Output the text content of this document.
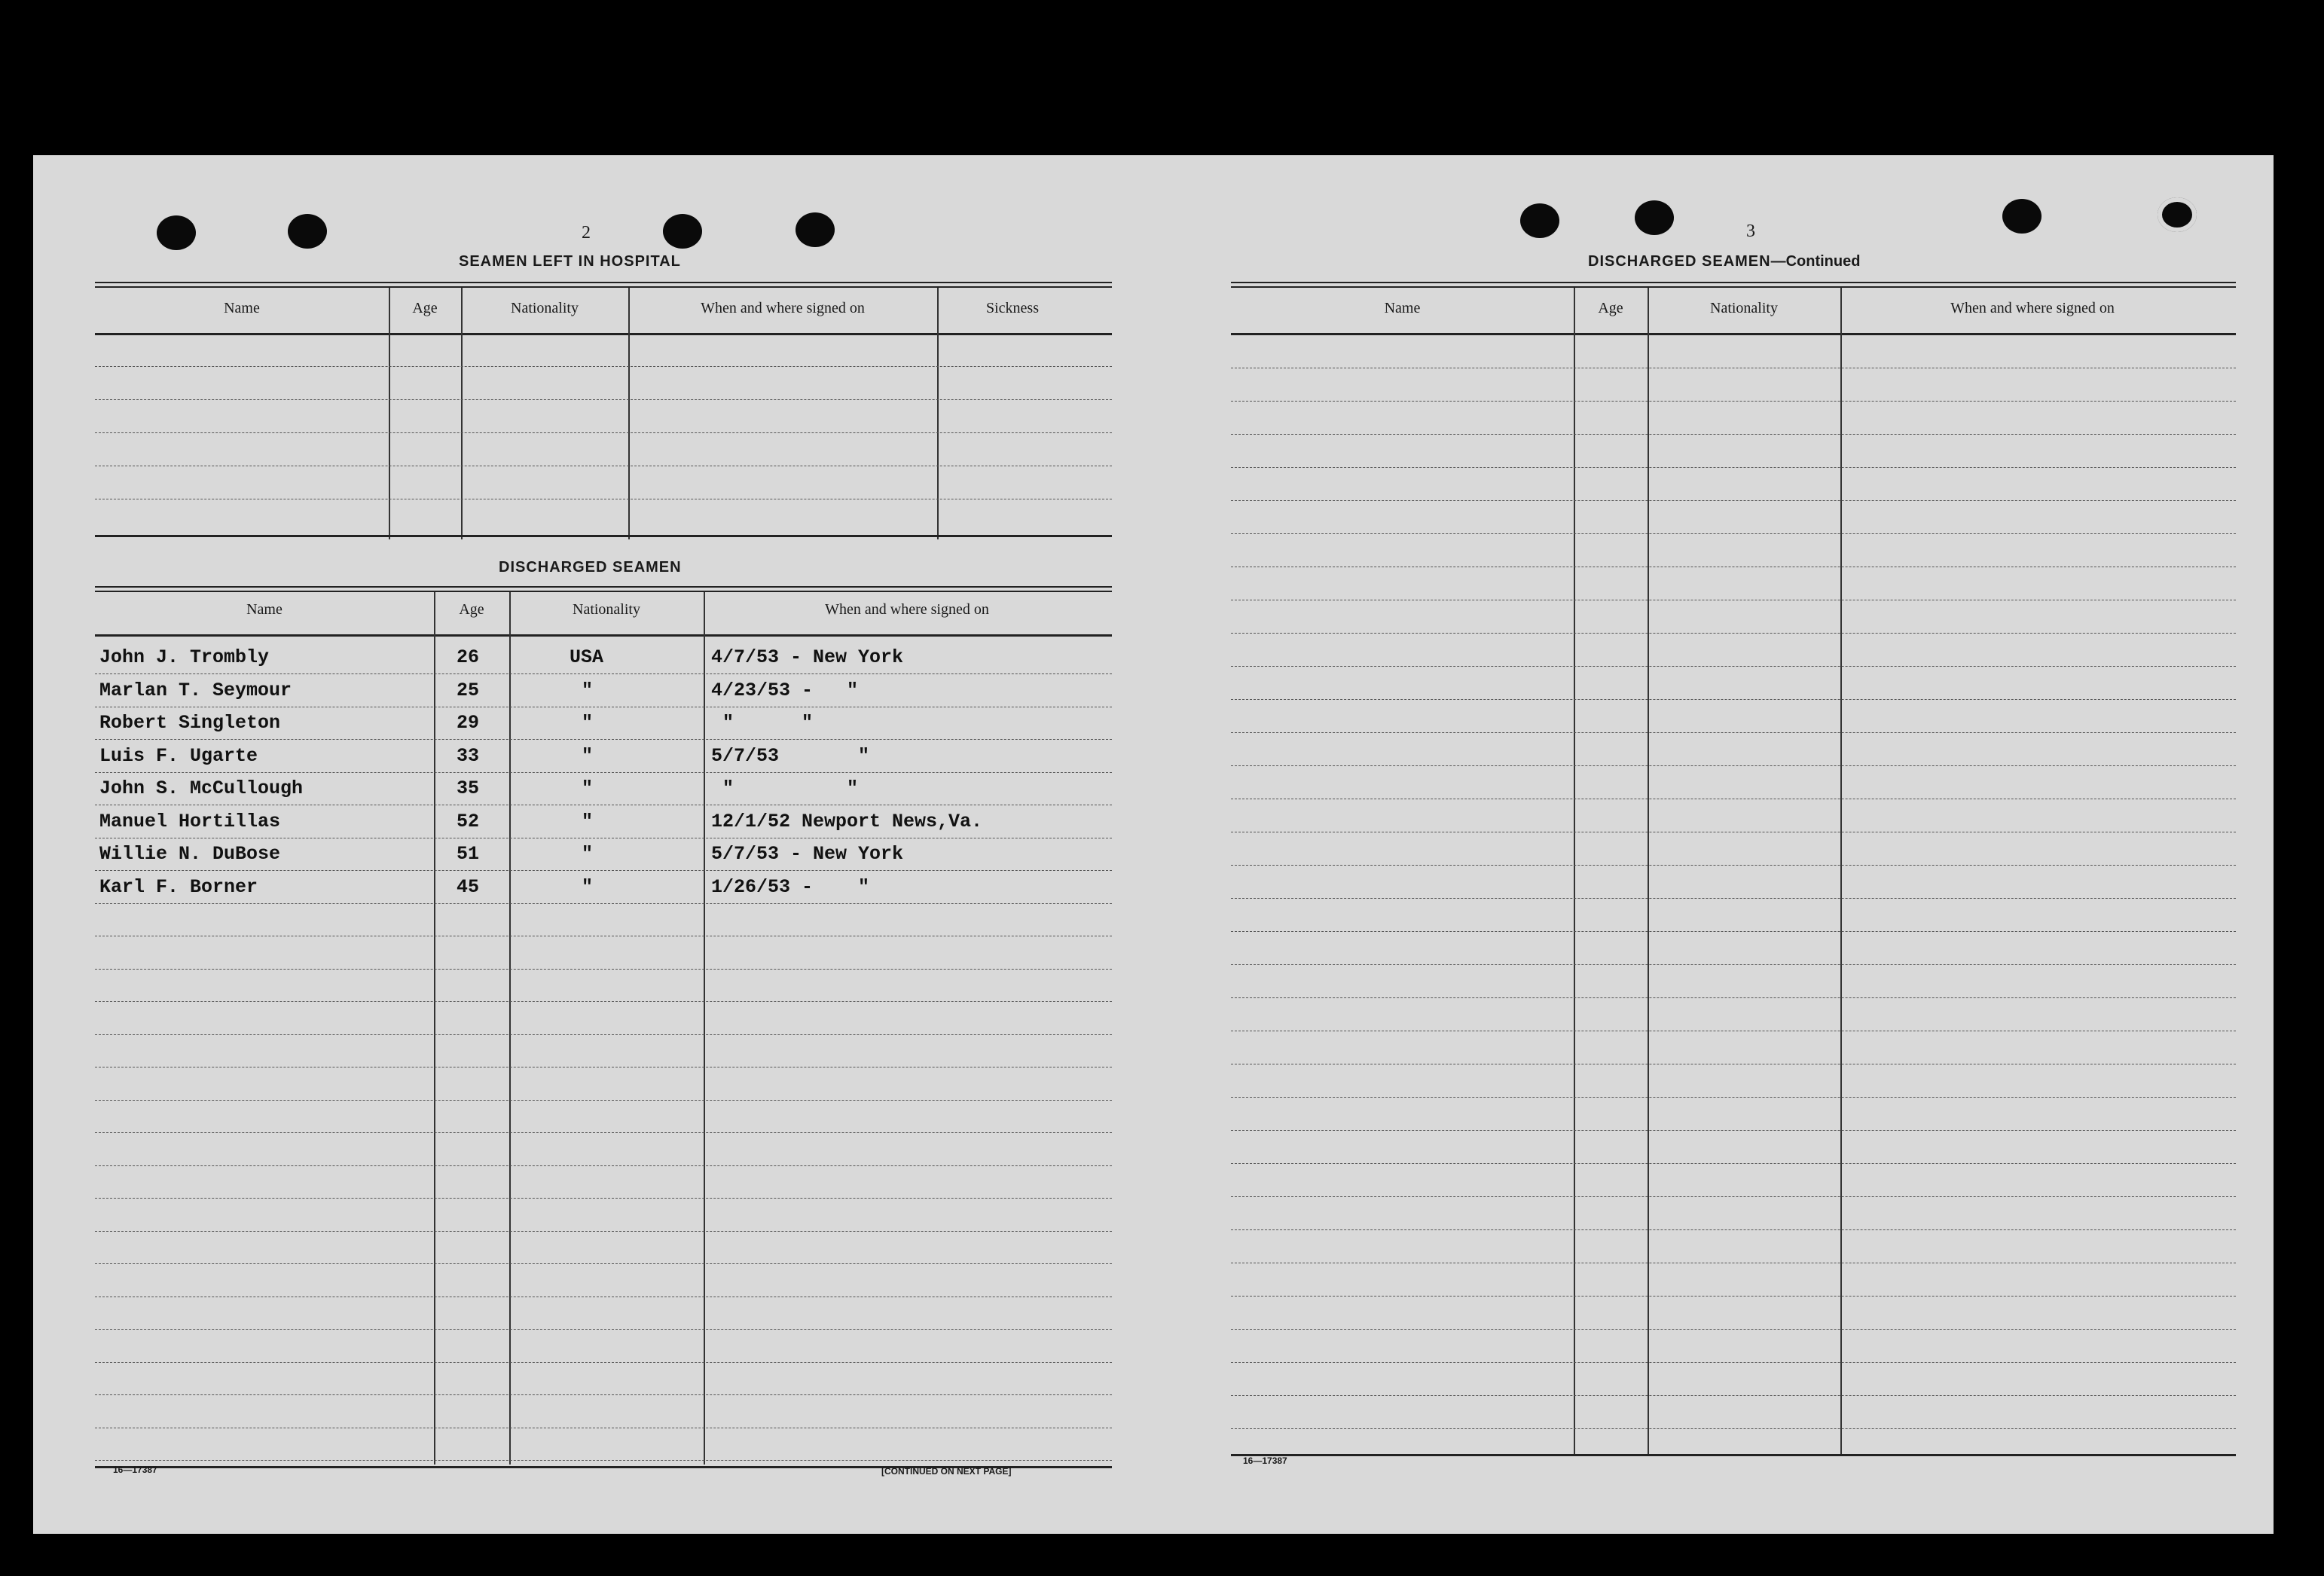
2
SEAMEN LEFT IN HOSPITAL
Name	Age	Nationality	When and where signed on	Sickness
DISCHARGED SEAMEN
Name	Age	Nationality	When and where signed on
John J. Trombly	26	USA	4/7/53 - New York
Marlan T. Seymour	25	"	4/23/53 -   "
Robert Singleton	29	"	"      "
Luis F. Ugarte	33	"	5/7/53       "
John S. McCullough	35	"	"          "
Manuel Hortillas	52	"	12/1/52 Newport News,Va.
Willie N. DuBose	51	"	5/7/53 - New York
Karl F. Borner	45	"	1/26/53 -    "
16—17387	[CONTINUED ON NEXT PAGE]
3
DISCHARGED SEAMEN—Continued
Name	Age	Nationality	When and where signed on
16—17387
